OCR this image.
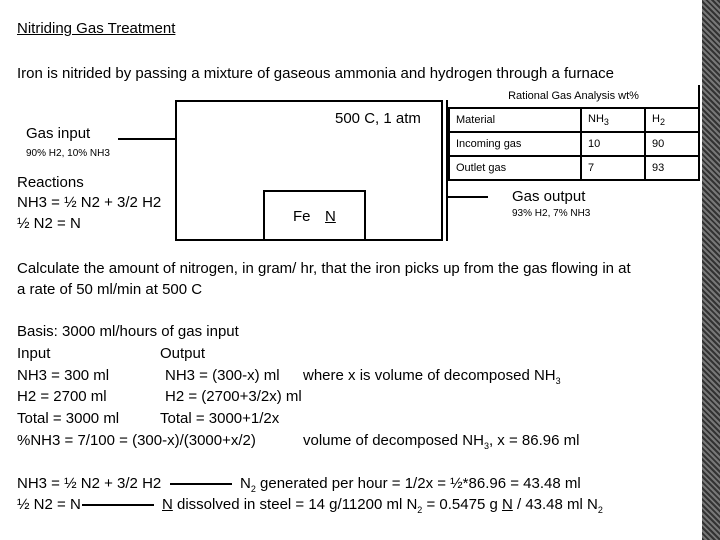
Nitriding Gas Treatment
Iron is nitrided by passing a mixture of gaseous ammonia and hydrogen through a furnace
500 C, 1 atm
Fe N
Gas input
90% H2, 10% NH3
Reactions
NH3 = ½ N2 + 3/2 H2
½ N2 = N
Gas output
93% H2, 7% NH3
Rational Gas Analysis wt%		
Material	$NH_3$	$H_2$
Incoming gas	10	90
Outlet gas	7	93
Calculate the amount of nitrogen, in gram/ hr, that the iron picks up from the gas flowing in at
a rate of 50 ml/min at 500 C
Basis: 3000 ml/hours of gas input
Input	Output
NH3 = 300 ml	NH3 = (300-x) ml where x is volume of decomposed $NH_3$
H2 = 2700 ml	H2 = (2700+3/2x) ml
Total = 3000 ml	Total = 3000+1/2x
%NH3 = 7/100 = (300-x)/(3000+x/2)	volume of decomposed $NH_3$, x = 86.96 ml
NH3 = ½ N2 + 3/2 H2	$N_2$ generated per hour = 1/2x = ½*86.96 = 43.48 ml
½ N2 = N	N dissolved in steel = 14 g/11200 ml $N_2 = 0.5475$ g N / 43.48 ml $N_2$
